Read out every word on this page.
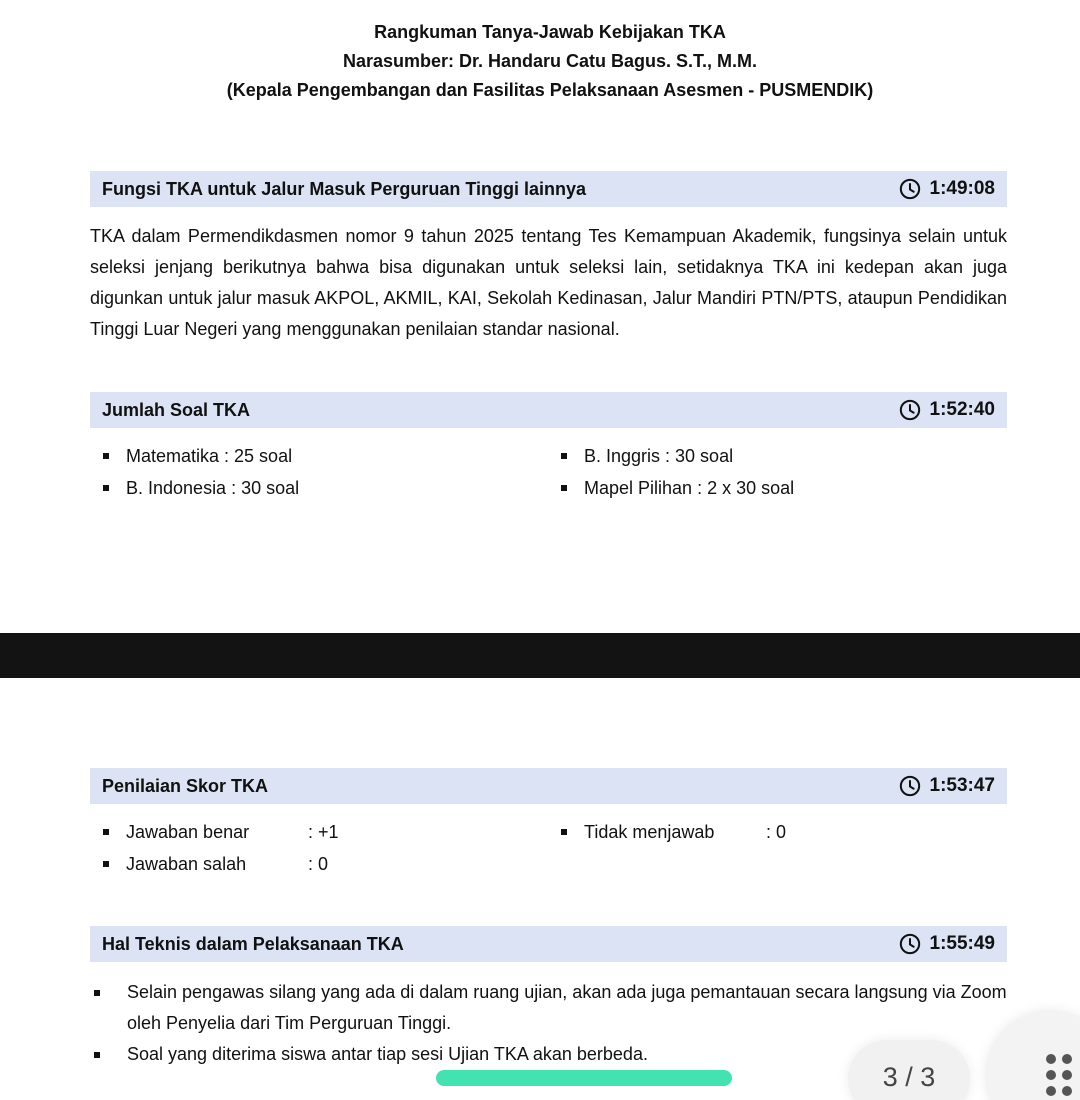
Rangkuman Tanya-Jawab Kebijakan TKA
Narasumber: Dr. Handaru Catu Bagus. S.T., M.M.
(Kepala Pengembangan dan Fasilitas Pelaksanaan Asesmen - PUSMENDIK)
Fungsi TKA untuk Jalur Masuk Perguruan Tinggi lainnya	1:49:08
TKA dalam Permendikdasmen nomor 9 tahun 2025 tentang Tes Kemampuan Akademik, fungsinya selain untuk seleksi jenjang berikutnya bahwa bisa digunakan untuk seleksi lain, setidaknya TKA ini kedepan akan juga digunkan untuk jalur masuk AKPOL, AKMIL, KAI, Sekolah Kedinasan, Jalur Mandiri PTN/PTS, ataupun Pendidikan Tinggi Luar Negeri yang menggunakan penilaian standar nasional.
Jumlah Soal TKA	1:52:40
Matematika : 25 soal
B. Indonesia : 30 soal
B. Inggris : 30 soal
Mapel Pilihan : 2 x 30 soal
Penilaian Skor TKA	1:53:47
Jawaban benar	: +1
Jawaban salah	: 0
Tidak menjawab	: 0
Hal Teknis dalam Pelaksanaan TKA	1:55:49
Selain pengawas silang yang ada di dalam ruang ujian, akan ada juga pemantauan secara langsung via Zoom oleh Penyelia dari Tim Perguruan Tinggi.
Soal yang diterima siswa antar tiap sesi Ujian TKA akan berbeda.
3 / 3
